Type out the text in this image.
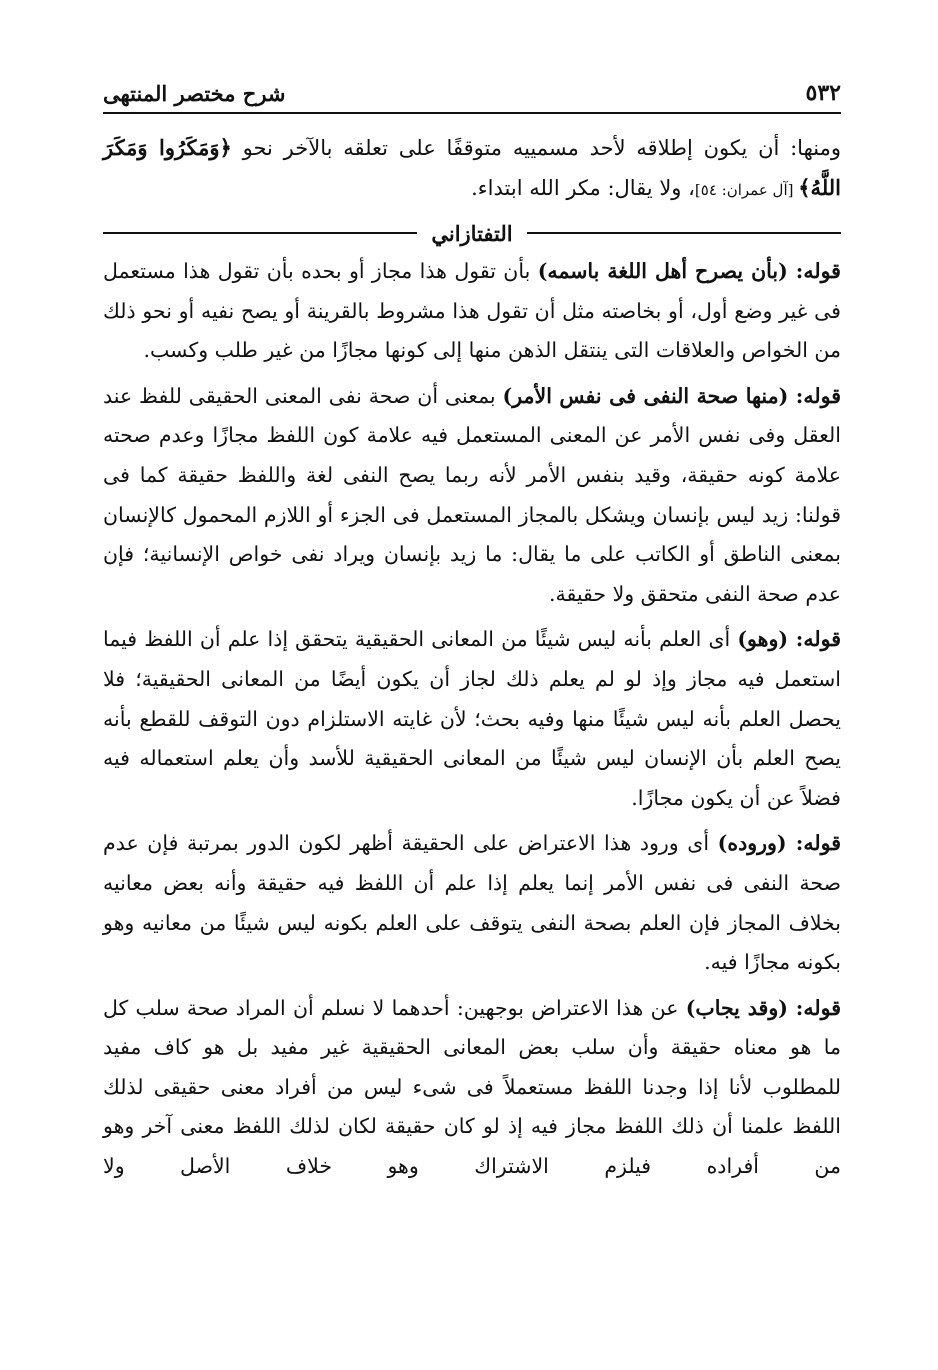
٥٣٢
شرح مختصر المنتهى
ومنها: أن يكون إطلاقه لأحد مسمييه متوقفًا على تعلقه بالآخر نحو ﴿وَمَكَرُوا وَمَكَرَ اللَّهُ﴾ [آل عمران: ٥٤]، ولا يقال: مكر الله ابتداء.
التفتازاني

قوله: (بأن يصرح أهل اللغة باسمه) بأن تقول هذا مجاز أو بحده بأن تقول هذا مستعمل فى غير وضع أول، أو بخاصته مثل أن تقول هذا مشروط بالقرينة أو يصح نفيه أو نحو ذلك من الخواص والعلاقات التى ينتقل الذهن منها إلى كونها مجازًا من غير طلب وكسب.

قوله: (منها صحة النفى فى نفس الأمر) بمعنى أن صحة نفى المعنى الحقيقى للفظ عند العقل وفى نفس الأمر عن المعنى المستعمل فيه علامة كون اللفظ مجازًا وعدم صحته علامة كونه حقيقة، وقيد بنفس الأمر لأنه ربما يصح النفى لغة واللفظ حقيقة كما فى قولنا: زيد ليس بإنسان ويشكل بالمجاز المستعمل فى الجزء أو اللازم المحمول كالإنسان بمعنى الناطق أو الكاتب على ما يقال: ما زيد بإنسان ويراد نفى خواص الإنسانية؛ فإن عدم صحة النفى متحقق ولا حقيقة.

قوله: (وهو) أى العلم بأنه ليس شيئًا من المعانى الحقيقية يتحقق إذا علم أن اللفظ فيما استعمل فيه مجاز وإذ لو لم يعلم ذلك لجاز أن يكون أيضًا من المعانى الحقيقية؛ فلا يحصل العلم بأنه ليس شيئًا منها وفيه بحث؛ لأن غايته الاستلزام دون التوقف للقطع بأنه يصح العلم بأن الإنسان ليس شيئًا من المعانى الحقيقية للأسد وأن يعلم استعماله فيه فضلاً عن أن يكون مجازًا.

قوله: (وروده) أى ورود هذا الاعتراض على الحقيقة أظهر لكون الدور بمرتبة فإن عدم صحة النفى فى نفس الأمر إنما يعلم إذا علم أن اللفظ فيه حقيقة وأنه بعض معانيه بخلاف المجاز فإن العلم بصحة النفى يتوقف على العلم بكونه ليس شيئًا من معانيه وهو بكونه مجازًا فيه.

قوله: (وقد يجاب) عن هذا الاعتراض بوجهين: أحدهما لا نسلم أن المراد صحة سلب كل ما هو معناه حقيقة وأن سلب بعض المعانى الحقيقية غير مفيد بل هو كاف مفيد للمطلوب لأنا إذا وجدنا اللفظ مستعملاً فى شىء ليس من أفراد معنى حقيقى لذلك اللفظ علمنا أن ذلك اللفظ مجاز فيه إذ لو كان حقيقة لكان لذلك اللفظ معنى آخر وهو من أفراده فيلزم الاشتراك وهو خلاف الأصل ولا
